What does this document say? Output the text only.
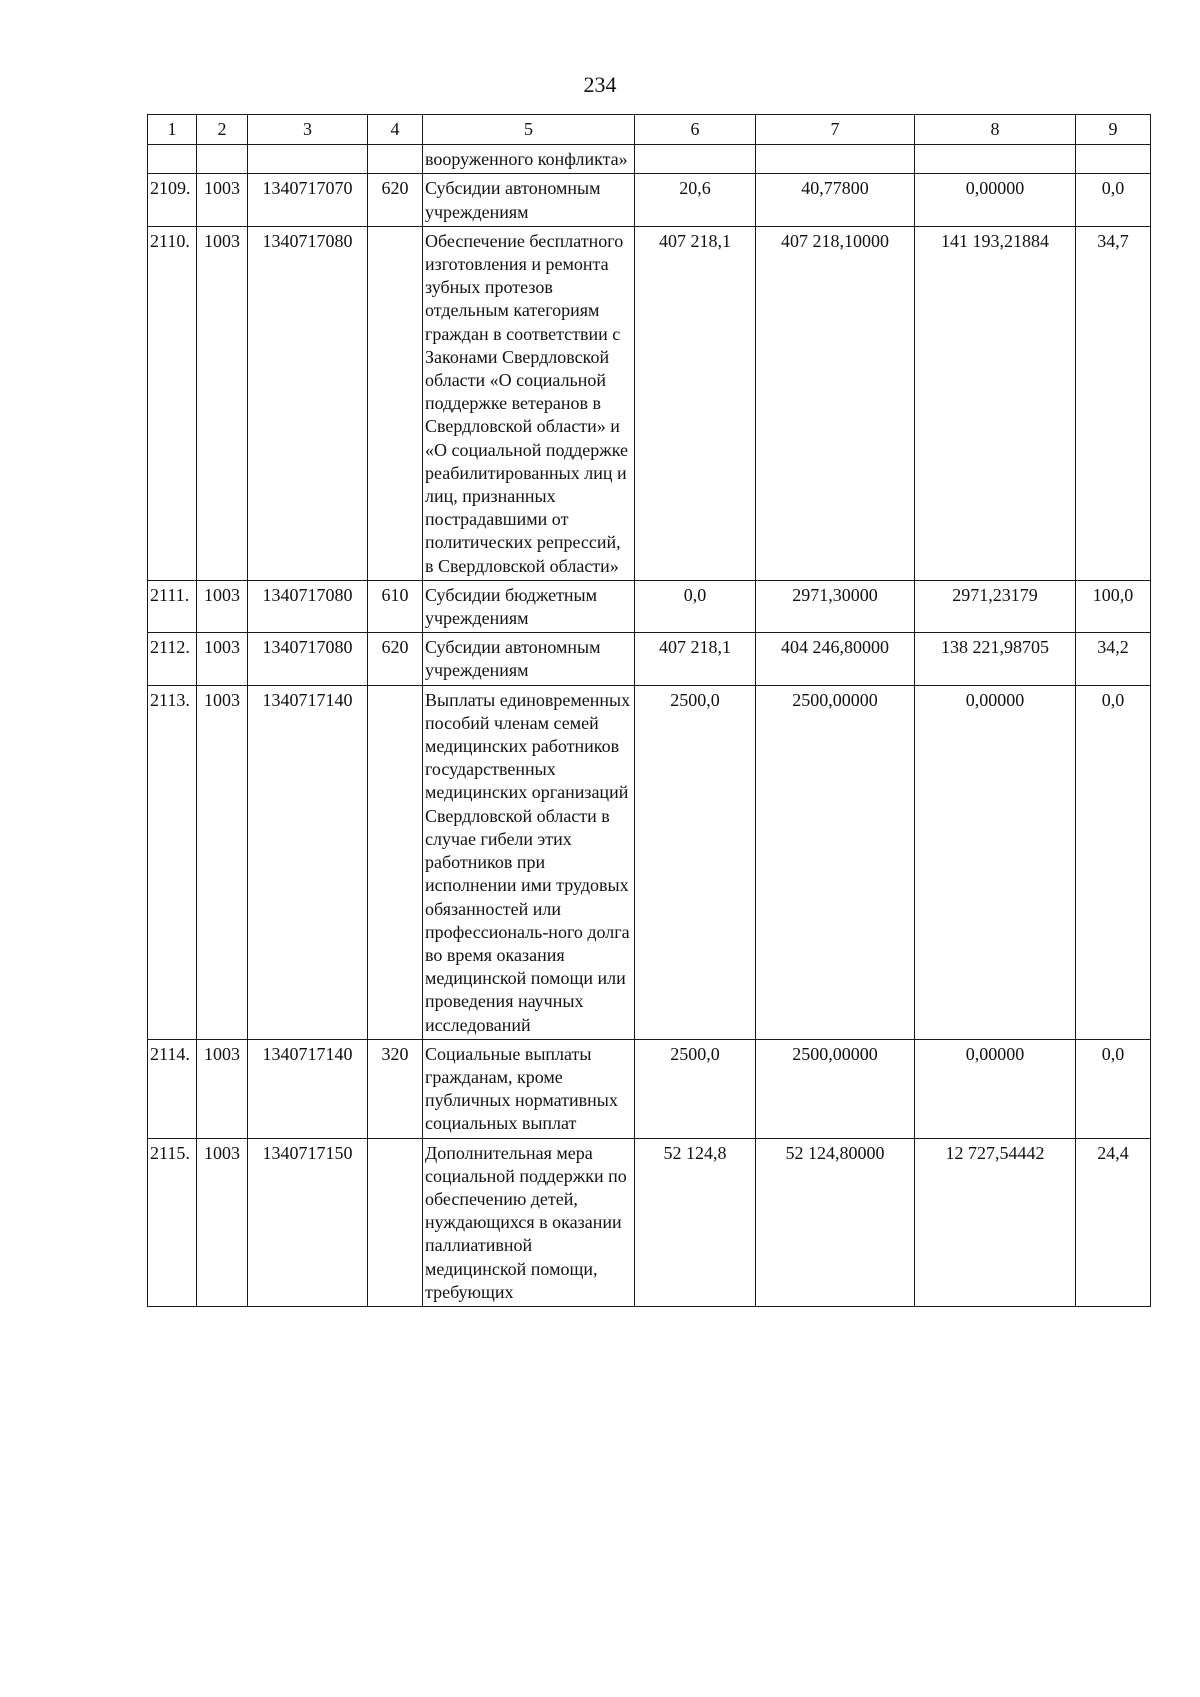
234
1	2	3	4	5	6	7	8	9
				вооруженного конфликта»				
2109.	1003	1340717070	620	Субсидии автономным учреждениям	20,6	40,77800	0,00000	0,0
2110.	1003	1340717080		Обеспечение бесплатного изготовления и ремонта зубных протезов отдельным категориям граждан в соответствии с Законами Свердловской области «О социальной поддержке ветеранов в Свердловской области» и «О социальной поддержке реабилитированных лиц и лиц, признанных пострадавшими от политических репрессий, в Свердловской области»	407 218,1	407 218,10000	141 193,21884	34,7
2111.	1003	1340717080	610	Субсидии бюджетным учреждениям	0,0	2971,30000	2971,23179	100,0
2112.	1003	1340717080	620	Субсидии автономным учреждениям	407 218,1	404 246,80000	138 221,98705	34,2
2113.	1003	1340717140		Выплаты единовременных пособий членам семей медицинских работников государственных медицинских организаций Свердловской области в случае гибели этих работников при исполнении ими трудовых обязанностей или профессиональ-ного долга во время оказания медицинской помощи или проведения научных исследований	2500,0	2500,00000	0,00000	0,0
2114.	1003	1340717140	320	Социальные выплаты гражданам, кроме публичных нормативных социальных выплат	2500,0	2500,00000	0,00000	0,0
2115.	1003	1340717150		Дополнительная мера социальной поддержки по обеспечению детей, нуждающихся в оказании паллиативной медицинской помощи, требующих	52 124,8	52 124,80000	12 727,54442	24,4
